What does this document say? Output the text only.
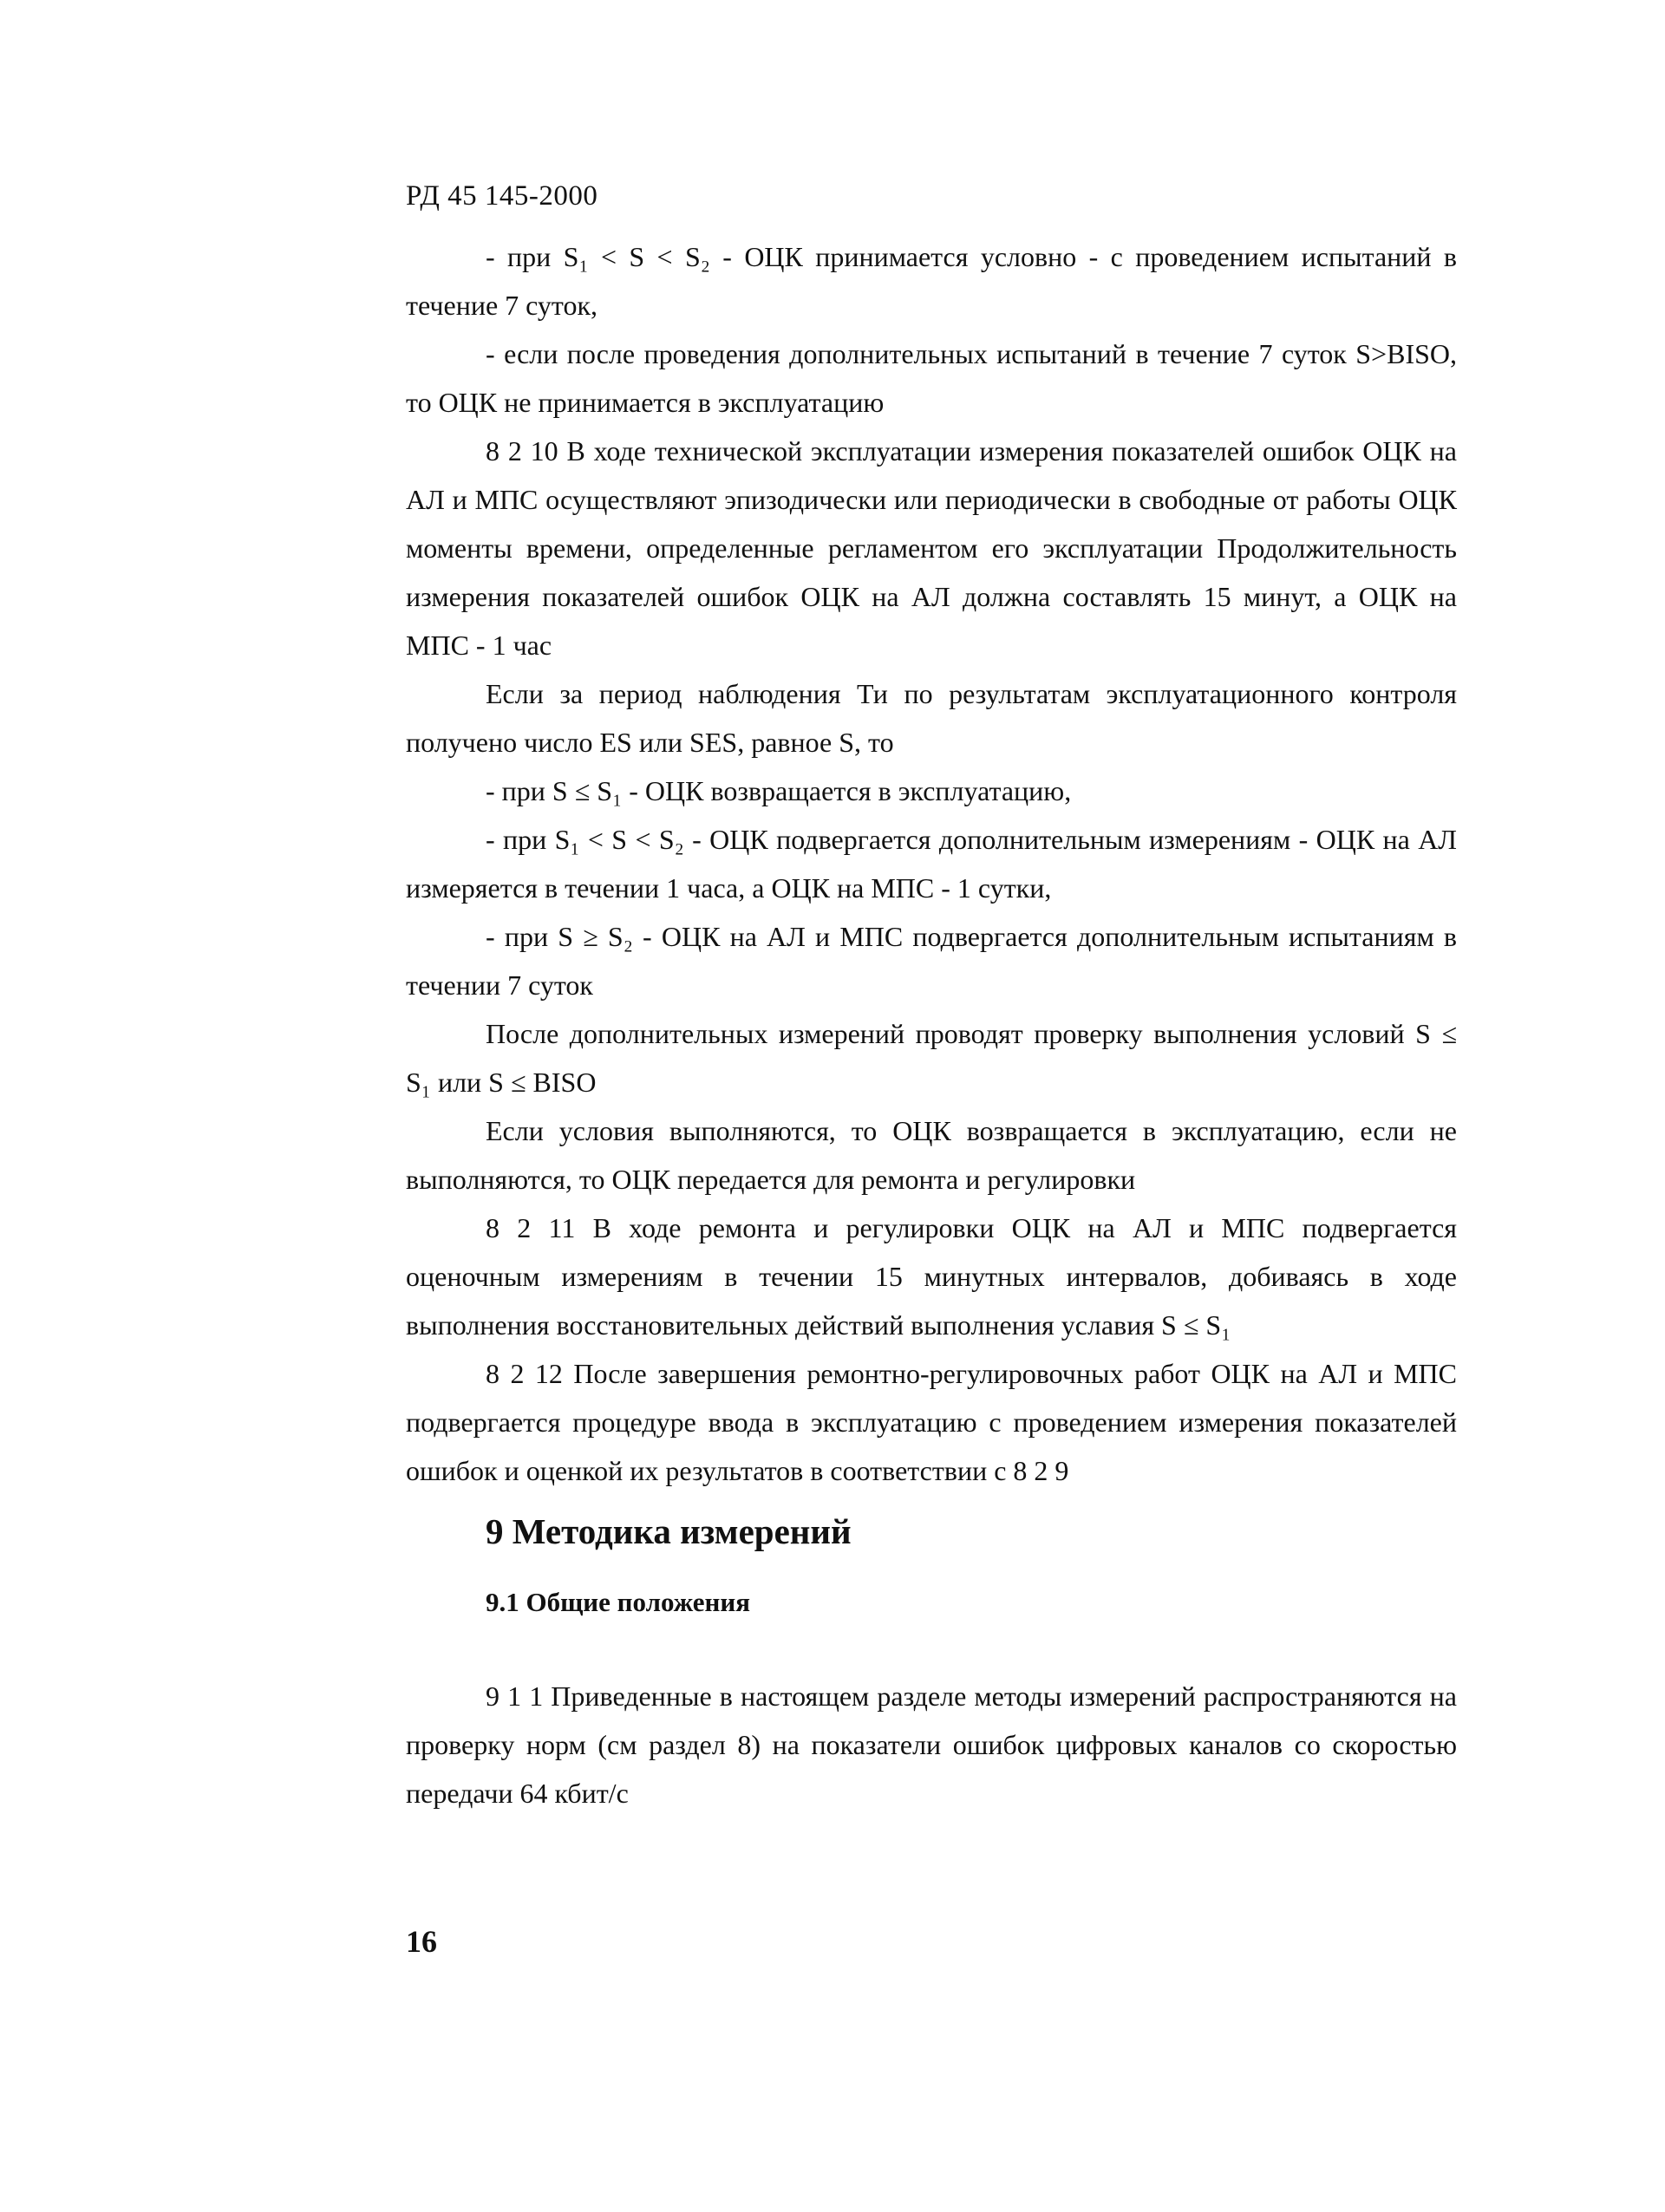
РД 45 145-2000

- при S₁ < S < S₂ - ОЦК принимается условно - с проведением испытаний в течение 7 суток,

- если после проведения дополнительных испытаний в течение 7 суток S>BISO, то ОЦК не принимается в эксплуатацию

8 2 10 В ходе технической эксплуатации измерения показателей ошибок ОЦК на АЛ и МПС осуществляют эпизодически или периодически в свободные от работы ОЦК моменты времени, определенные регламентом его эксплуатации Продолжительность измерения показателей ошибок ОЦК на АЛ должна составлять 15 минут, а ОЦК на МПС - 1 час

Если за период наблюдения Ти по результатам эксплуатационного контроля получено число ES или SES, равное S, то

- при S ≤ S₁ - ОЦК возвращается в эксплуатацию,

- при S₁ < S < S₂ - ОЦК подвергается дополнительным измерениям - ОЦК на АЛ измеряется в течении 1 часа, а ОЦК на МПС - 1 сутки,

- при S ≥ S₂ - ОЦК на АЛ и МПС подвергается дополнительным испытаниям в течении 7 суток

После дополнительных измерений проводят проверку выполнения условий S ≤ S₁ или S ≤ BISO

Если условия выполняются, то ОЦК возвращается в эксплуатацию, если не выполняются, то ОЦК передается для ремонта и регулировки

8 2 11 В ходе ремонта и регулировки ОЦК на АЛ и МПС подвергается оценочным измерениям в течении 15 минутных интервалов, добиваясь в ходе выполнения восстановительных действий выполнения уславия S ≤ S₁

8 2 12 После завершения ремонтно-регулировочных работ ОЦК на АЛ и МПС подвергается процедуре ввода в эксплуатацию с проведением измерения показателей ошибок и оценкой их результатов в соответствии с 8 2 9

9 Методика измерений
9.1 Общие положения

9 1 1 Приведенные в настоящем разделе методы измерений распространяются на проверку норм (см раздел 8) на показатели ошибок цифровых каналов со скоростью передачи 64 кбит/с

16
